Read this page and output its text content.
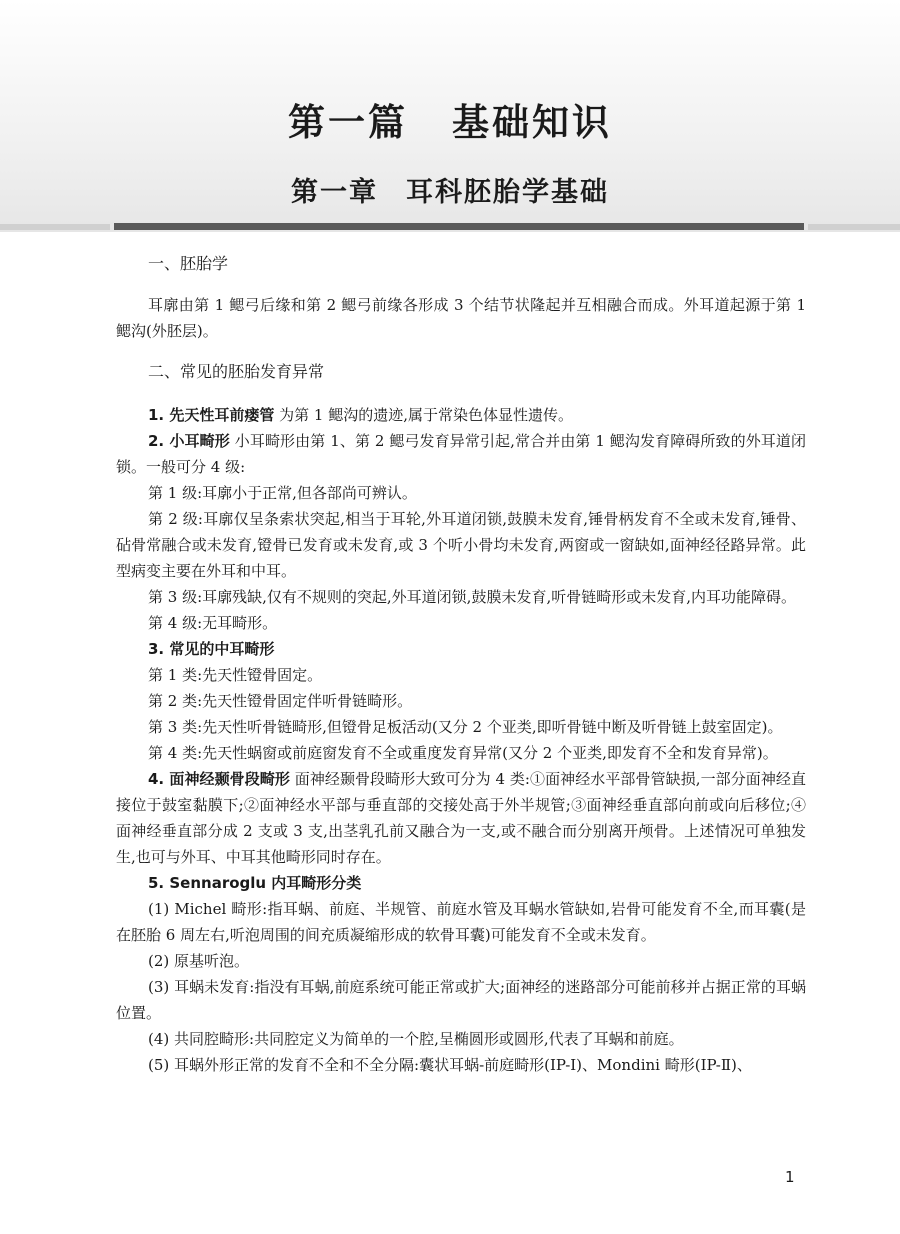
第一篇 基础知识
第一章 耳科胚胎学基础
一、胚胎学

耳廓由第 1 鳃弓后缘和第 2 鳃弓前缘各形成 3 个结节状隆起并互相融合而成。外耳道起源于第 1 鳃沟(外胚层)。

二、常见的胚胎发育异常

1. 先天性耳前瘘管 为第 1 鳃沟的遗迹,属于常染色体显性遗传。

2. 小耳畸形 小耳畸形由第 1、第 2 鳃弓发育异常引起,常合并由第 1 鳃沟发育障碍所致的外耳道闭锁。一般可分 4 级:

第 1 级:耳廓小于正常,但各部尚可辨认。

第 2 级:耳廓仅呈条索状突起,相当于耳轮,外耳道闭锁,鼓膜未发育,锤骨柄发育不全或未发育,锤骨、砧骨常融合或未发育,镫骨已发育或未发育,或 3 个听小骨均未发育,两窗或一窗缺如,面神经径路异常。此型病变主要在外耳和中耳。

第 3 级:耳廓残缺,仅有不规则的突起,外耳道闭锁,鼓膜未发育,听骨链畸形或未发育,内耳功能障碍。

第 4 级:无耳畸形。

3. 常见的中耳畸形

第 1 类:先天性镫骨固定。

第 2 类:先天性镫骨固定伴听骨链畸形。

第 3 类:先天性听骨链畸形,但镫骨足板活动(又分 2 个亚类,即听骨链中断及听骨链上鼓室固定)。

第 4 类:先天性蜗窗或前庭窗发育不全或重度发育异常(又分 2 个亚类,即发育不全和发育异常)。

4. 面神经颞骨段畸形 面神经颞骨段畸形大致可分为 4 类:①面神经水平部骨管缺损,一部分面神经直接位于鼓室黏膜下;②面神经水平部与垂直部的交接处高于外半规管;③面神经垂直部向前或向后移位;④面神经垂直部分成 2 支或 3 支,出茎乳孔前又融合为一支,或不融合而分别离开颅骨。上述情况可单独发生,也可与外耳、中耳其他畸形同时存在。

5. Sennaroglu 内耳畸形分类

(1) Michel 畸形:指耳蜗、前庭、半规管、前庭水管及耳蜗水管缺如,岩骨可能发育不全,而耳囊(是在胚胎 6 周左右,听泡周围的间充质凝缩形成的软骨耳囊)可能发育不全或未发育。

(2) 原基听泡。

(3) 耳蜗未发育:指没有耳蜗,前庭系统可能正常或扩大;面神经的迷路部分可能前移并占据正常的耳蜗位置。

(4) 共同腔畸形:共同腔定义为简单的一个腔,呈椭圆形或圆形,代表了耳蜗和前庭。

(5) 耳蜗外形正常的发育不全和不全分隔:囊状耳蜗-前庭畸形(IP-Ⅰ)、Mondini 畸形(IP-Ⅱ)、

1
